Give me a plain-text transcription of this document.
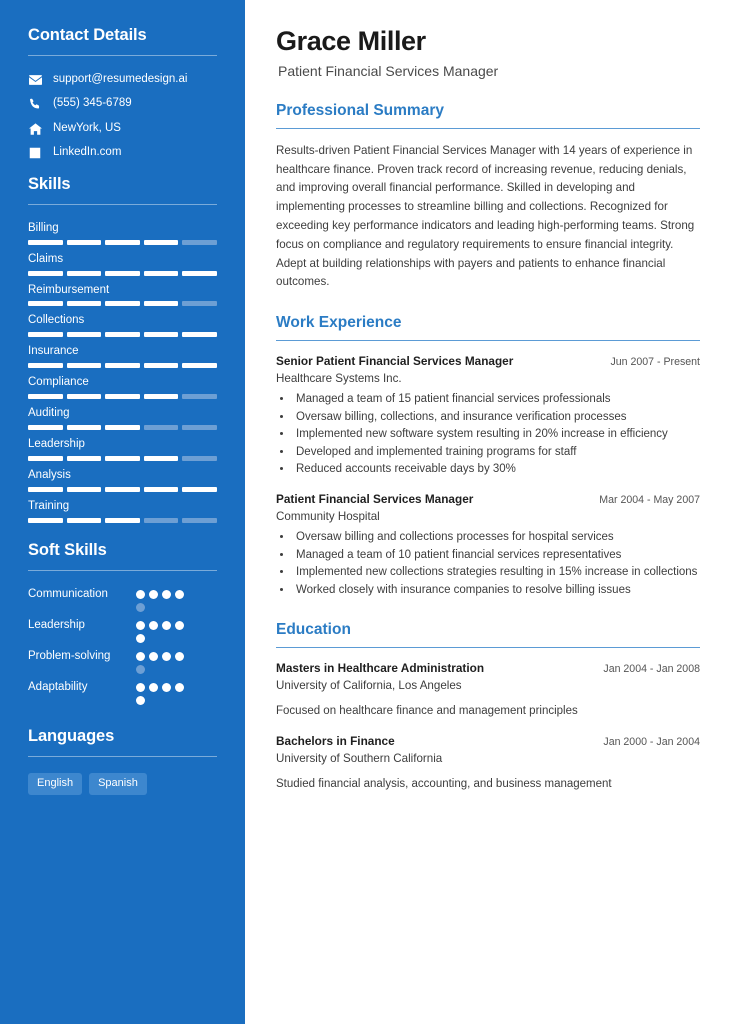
Contact Details
support@resumedesign.ai
(555) 345-6789
NewYork, US
LinkedIn.com
Skills
Billing
Claims
Reimbursement
Collections
Insurance
Compliance
Auditing
Leadership
Analysis
Training
Soft Skills
Communication
Leadership
Problem-solving
Adaptability
Languages
English	Spanish
Grace Miller
Patient Financial Services Manager
Professional Summary

Results-driven Patient Financial Services Manager with 14 years of experience in healthcare finance. Proven track record of increasing revenue, reducing denials, and improving overall financial performance. Skilled in developing and implementing processes to streamline billing and collections. Recognized for exceeding key performance indicators and leading high-performing teams. Strong focus on compliance and regulatory requirements to ensure financial integrity. Adept at building relationships with payers and patients to enhance financial outcomes.

Work Experience
Senior Patient Financial Services Manager	Jun 2007 - Present
Healthcare Systems Inc.
• Managed a team of 15 patient financial services professionals
• Oversaw billing, collections, and insurance verification processes
• Implemented new software system resulting in 20% increase in efficiency
• Developed and implemented training programs for staff
• Reduced accounts receivable days by 30%
Patient Financial Services Manager	Mar 2004 - May 2007
Community Hospital
• Oversaw billing and collections processes for hospital services
• Managed a team of 10 patient financial services representatives
• Implemented new collections strategies resulting in 15% increase in collections
• Worked closely with insurance companies to resolve billing issues
Education
Masters in Healthcare Administration	Jan 2004 - Jan 2008
University of California, Los Angeles
Focused on healthcare finance and management principles
Bachelors in Finance	Jan 2000 - Jan 2004
University of Southern California
Studied financial analysis, accounting, and business management
